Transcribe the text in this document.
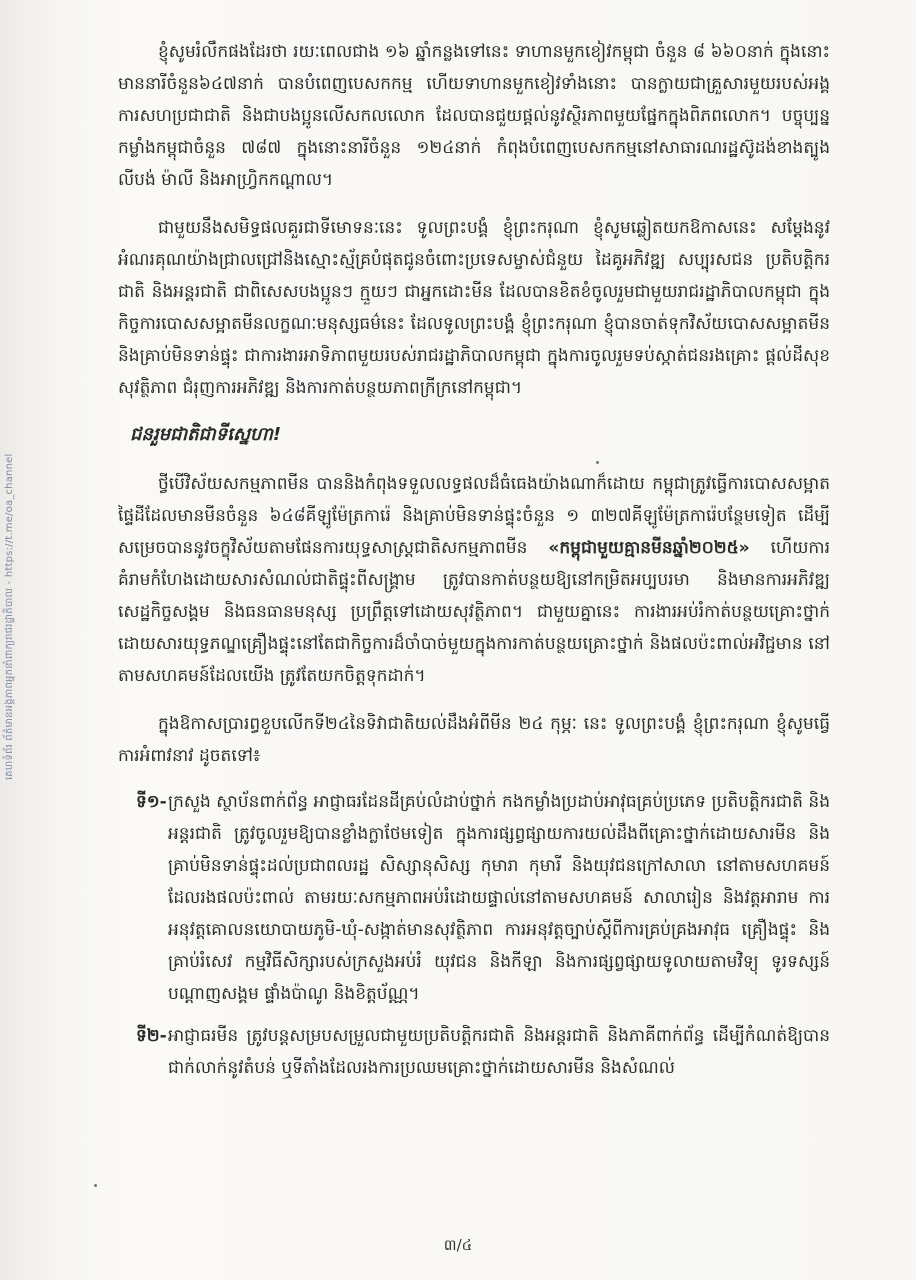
គេហទំព័រ ព័ត៌មានអង្គភាពអ្នកនាំពាក្យរាជរដ្ឋាភិបាល - https://t.me/oa_channel

ខ្ញុំសូមរំលឹកផងដែរថា រយៈពេលជាង ១៦ ឆ្នាំកន្លងទៅនេះ ទាហានមួកខៀវកម្ពុជា ចំនួន ៨ ៦៦០នាក់ ក្នុងនោះមាននារីចំនួន៦៤៧នាក់ បានបំពេញបេសកកម្ម ហើយទាហានមួកខៀវទាំងនោះ បានក្លាយជាគ្រួសារមួយរបស់អង្គការសហប្រជាជាតិ និងជាបងប្អូនលើសកលលោក ដែលបានជួយផ្តល់នូវស្ថិរភាពមួយផ្នែកក្នុងពិភពលោក។ បច្ចុប្បន្ន កម្លាំងកម្ពុជាចំនួន ៧៨៧ ក្នុងនោះនារីចំនួន ១២៤នាក់ កំពុងបំពេញបេសកកម្មនៅសាធារណរដ្ឋស៊ូដង់ខាងត្បូង លីបង់ ម៉ាលី និងអាហ្វ្រិកកណ្តាល។

ជាមួយនឹងសមិទ្ធផលគួរជាទីមោទនៈនេះ ទូលព្រះបង្គំ ខ្ញុំព្រះករុណា ខ្ញុំសូមឆ្លៀតយកឱកាសនេះ សម្តែងនូវអំណរគុណយ៉ាងជ្រាលជ្រៅនិងស្មោះស្ម័គ្របំផុតជូនចំពោះប្រទេសម្ចាស់ជំនួយ ដៃគូអភិវឌ្ឍ សប្បុរសជន ប្រតិបត្តិករជាតិ និងអន្តរជាតិ ជាពិសេសបងប្អូនៗ ក្មួយៗ ជាអ្នកដោះមីន ដែលបានខិតខំចូលរួមជាមួយរាជរដ្ឋាភិបាលកម្ពុជា ក្នុងកិច្ចការបោសសម្អាតមីនលក្ខណៈមនុស្សធម៌នេះ ដែលទូលព្រះបង្គំ ខ្ញុំព្រះករុណា ខ្ញុំបានចាត់ទុកវិស័យបោសសម្អាតមីន និងគ្រាប់មិនទាន់ផ្ទុះ ជាការងារអាទិភាពមួយរបស់រាជរដ្ឋាភិបាលកម្ពុជា ក្នុងការចូលរួមទប់ស្កាត់ជនរងគ្រោះ ផ្តល់ដីសុខសុវត្ថិភាព ជំរុញការអភិវឌ្ឍ និងការកាត់បន្ថយភាពក្រីក្រនៅកម្ពុជា។

ជនរួមជាតិជាទីស្នេហា!

ថ្វីបើវិស័យសកម្មភាពមីន បាននិងកំពុងទទួលលទ្ធផលដ៏ធំធេងយ៉ាងណាក៏ដោយ កម្ពុជាត្រូវធ្វើការបោសសម្អាតផ្ទៃដីដែលមានមីនចំនួន ៦៤៨គីឡូម៉ែត្រការ៉េ និងគ្រាប់មិនទាន់ផ្ទុះចំនួន ១ ៣២៧គីឡូម៉ែត្រការ៉េបន្ថែមទៀត ដើម្បីសម្រេចបាននូវចក្ខុវិស័យតាមផែនការយុទ្ធសាស្ត្រជាតិសកម្មភាពមីន «កម្ពុជាមួយគ្មានមីនឆ្នាំ២០២៥» ហើយការគំរាមកំហែងដោយសារសំណល់ជាតិផ្ទុះពីសង្គ្រាម ត្រូវបានកាត់បន្ថយឱ្យនៅកម្រិតអប្បបរមា និងមានការអភិវឌ្ឍសេដ្ឋកិច្ចសង្គម និងធនធានមនុស្ស ប្រព្រឹត្តទៅដោយសុវត្ថិភាព។ ជាមួយគ្នានេះ ការងារអប់រំកាត់បន្ថយគ្រោះថ្នាក់ដោយសារយុទ្ធភណ្ឌគ្រឿងផ្ទុះនៅតែជាកិច្ចការដ៏ចាំបាច់មួយក្នុងការកាត់បន្ថយគ្រោះថ្នាក់ និងផលប៉ះពាល់អវិជ្ជមាន នៅតាមសហគមន៍ដែលយើង ត្រូវតែយកចិត្តទុកដាក់។

ក្នុងឱកាសប្រារព្ធខួបលើកទី២៤នៃទិវាជាតិយល់ដឹងអំពីមីន ២៤ កុម្ភៈ នេះ ទូលព្រះបង្គំ ខ្ញុំព្រះករុណា ខ្ញុំសូមធ្វើការអំពាវនាវ ដូចតទៅ៖

ទី១- ក្រសួង ស្ថាប័នពាក់ព័ន្ធ អាជ្ញាធរដែនដីគ្រប់លំដាប់ថ្នាក់ កងកម្លាំងប្រដាប់អាវុធគ្រប់ប្រភេទ ប្រតិបត្តិករជាតិ និងអន្តរជាតិ ត្រូវចូលរួមឱ្យបានខ្លាំងក្លាថែមទៀត ក្នុងការផ្សព្វផ្សាយការយល់ដឹងពីគ្រោះថ្នាក់ដោយសារមីន និងគ្រាប់មិនទាន់ផ្ទុះដល់ប្រជាពលរដ្ឋ សិស្សានុសិស្ស កុមារា កុមារី និងយុវជនក្រៅសាលា នៅតាមសហគមន៍ដែលរងផលប៉ះពាល់ តាមរយៈសកម្មភាពអប់រំដោយផ្ទាល់នៅតាមសហគមន៍ សាលារៀន និងវត្តអារាម ការអនុវត្តគោលនយោបាយភូមិ-ឃុំ-សង្កាត់មានសុវត្ថិភាព ការអនុវត្តច្បាប់ស្តីពីការគ្រប់គ្រងអាវុធ គ្រឿងផ្ទុះ និងគ្រាប់រំសេវ កម្មវិធីសិក្សារបស់ក្រសួងអប់រំ យុវជន និងកីឡា និងការផ្សព្វផ្សាយទូលាយតាមវិទ្យុ ទូរទស្សន៍ បណ្តាញសង្គម ផ្ទាំងប៉ាណូ និងខិត្តប័ណ្ណ។
ទី២- អាជ្ញាធរមីន ត្រូវបន្តសម្របសម្រួលជាមួយប្រតិបត្តិករជាតិ និងអន្តរជាតិ និងភាគីពាក់ព័ន្ធ ដើម្បីកំណត់ឱ្យបានជាក់លាក់នូវតំបន់ ឬទីតាំងដែលរងការប្រឈមគ្រោះថ្នាក់ដោយសារមីន និងសំណល់
៣/៤
